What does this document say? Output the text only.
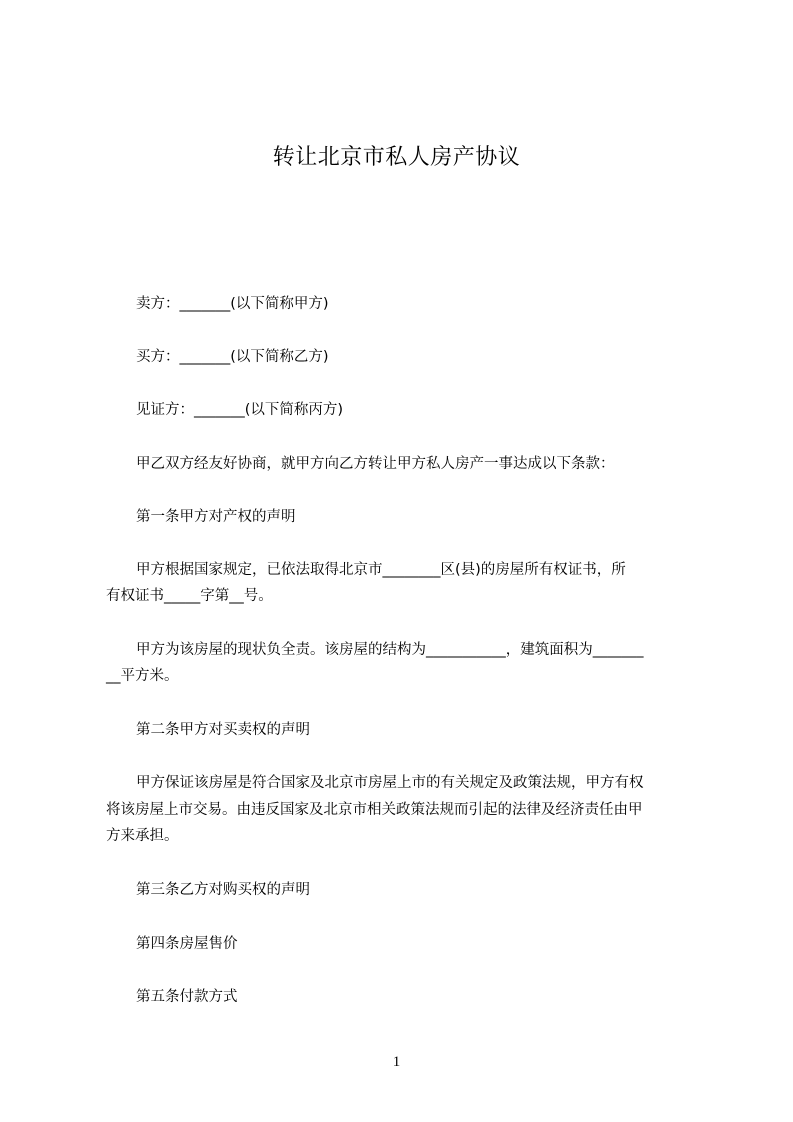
转让北京市私人房产协议

卖方：_______(以下简称甲方)

买方：_______(以下简称乙方)

见证方：_______(以下简称丙方)

甲乙双方经友好协商，就甲方向乙方转让甲方私人房产一事达成以下条款：

第一条甲方对产权的声明

甲方根据国家规定，已依法取得北京市________区(县)的房屋所有权证书，所

有权证书_____字第__号。

甲方为该房屋的现状负全责。该房屋的结构为___________，建筑面积为_______

__平方米。

第二条甲方对买卖权的声明

甲方保证该房屋是符合国家及北京市房屋上市的有关规定及政策法规，甲方有权

将该房屋上市交易。由违反国家及北京市相关政策法规而引起的法律及经济责任由甲

方来承担。

第三条乙方对购买权的声明

第四条房屋售价

第五条付款方式

1
